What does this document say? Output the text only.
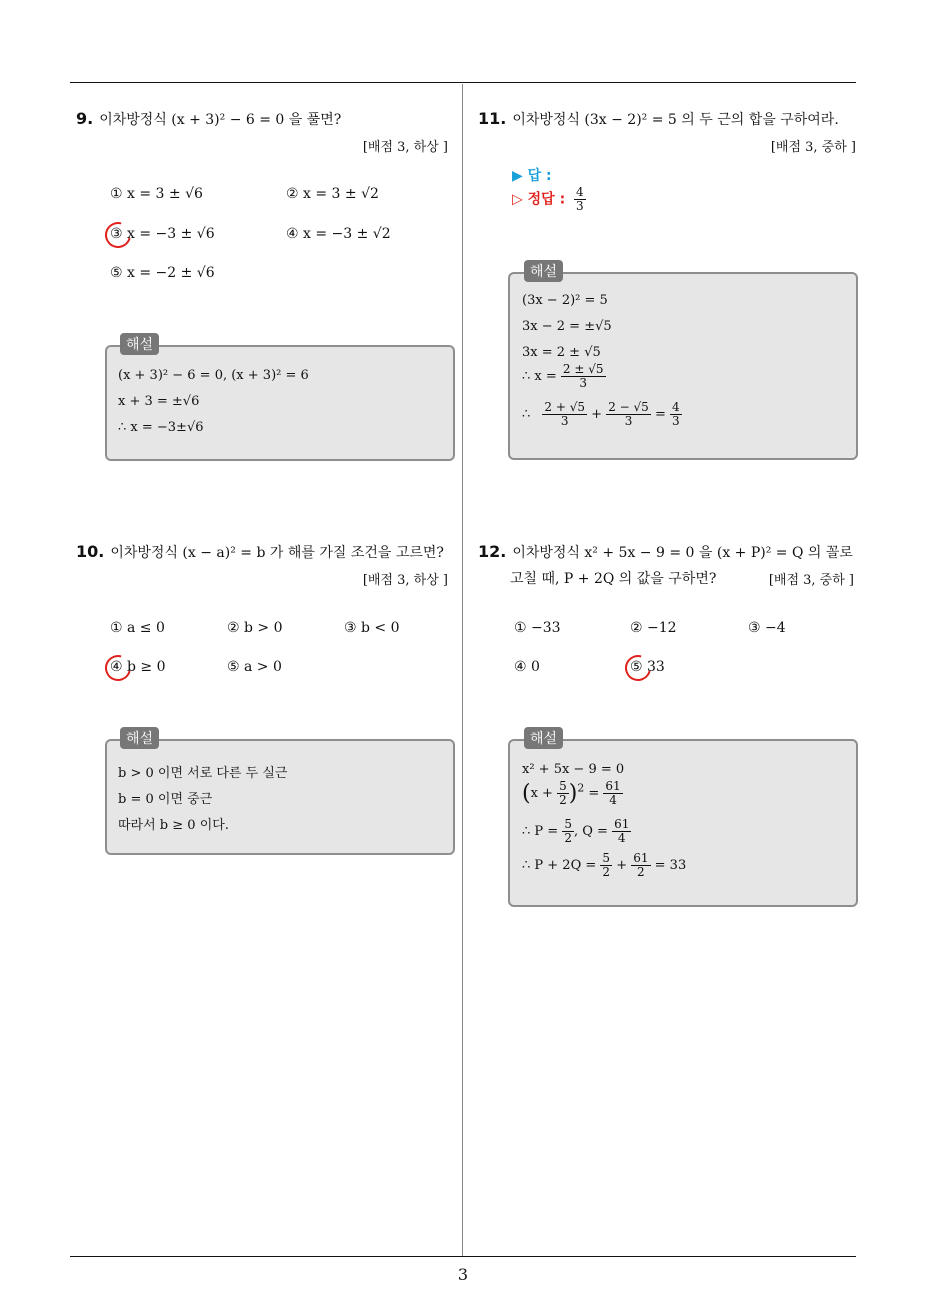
9. 이차방정식 (x + 3)² − 6 = 0 을 풀면?
[배점 3, 하상 ]
① x = 3 ± √6	② x = 3 ± √2
③ x = −3 ± √6	④ x = −3 ± √2
⑤ x = −2 ± √6
해설
(x + 3)² − 6 = 0, (x + 3)² = 6
x + 3 = ±√6
∴ x = −3±√6
10. 이차방정식 (x − a)² = b 가 해를 가질 조건을 고르면?
[배점 3, 하상 ]
① a ≤ 0	② b > 0	③ b < 0
④ b ≥ 0	⑤ a > 0
해설
b > 0 이면 서로 다른 두 실근
b = 0 이면 중근
따라서 b ≥ 0 이다.
11. 이차방정식 (3x − 2)² = 5 의 두 근의 합을 구하여라.
[배점 3, 중하 ]
▶ 답 :
▷ 정답 : $\frac{4}{3}$
해설
(3x − 2)² = 5
3x − 2 = ±√5
3x = 2 ± √5
∴ $x = \frac{2 \pm √5}{3}$
∴ $\frac{2 + √5}{3} + \frac{2 - √5}{3} = \frac{4}{3}$
12. 이차방정식 x² + 5x − 9 = 0 을 (x + P)² = Q 의 꼴로
고칠 때, P + 2Q 의 값을 구하면?	[배점 3, 중하 ]
① −33	② −12	③ −4
④ 0	⑤ 33
해설
x² + 5x − 9 = 0
$(x + \frac{5}{2} )^2 = \frac{61}{4}$
∴ $P = \frac{5}{2}$ , $Q = \frac{61}{4}$
∴ $P + 2Q = \frac{5}{2} + \frac{61}{2} = 33$
3
